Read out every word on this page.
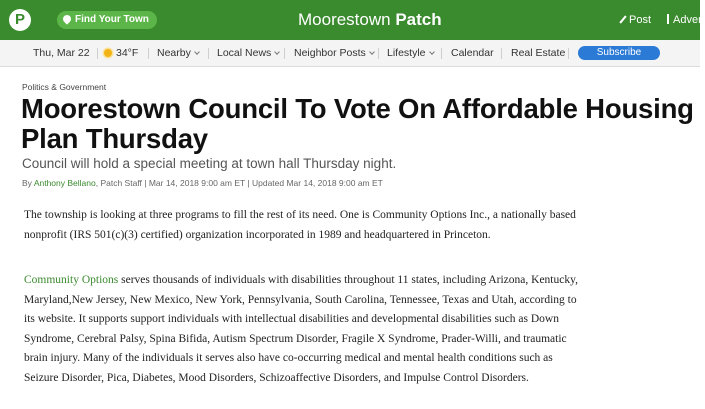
P	Find Your Town	Moorestown Patch	Post	Advert
Thu, Mar 22	34°F Nearby	Local News	Neighbor Posts	Lifestyle	Calendar Real Estate	Subscribe
Politics & Government
Moorestown Council To Vote On Affordable Housing Plan Thursday
Council will hold a special meeting at town hall Thursday night.
By Anthony Bellano, Patch Staff | Mar 14, 2018 9:00 am ET | Updated Mar 14, 2018 9:00 am ET

The township is looking at three programs to fill the rest of its need. One is Community Options Inc., a nationally based nonprofit (IRS 501(c)(3) certified) organization incorporated in 1989 and headquartered in Princeton.

Community Options serves thousands of individuals with disabilities throughout 11 states, including Arizona, Kentucky, Maryland,New Jersey, New Mexico, New York, Pennsylvania, South Carolina, Tennessee, Texas and Utah, according to its website. It supports support individuals with intellectual disabilities and developmental disabilities such as Down Syndrome, Cerebral Palsy, Spina Bifida, Autism Spectrum Disorder, Fragile X Syndrome, Prader-Willi, and traumatic brain injury. Many of the individuals it serves also have co-occurring medical and mental health conditions such as Seizure Disorder, Pica, Diabetes, Mood Disorders, Schizoaffective Disorders, and Impulse Control Disorders.
